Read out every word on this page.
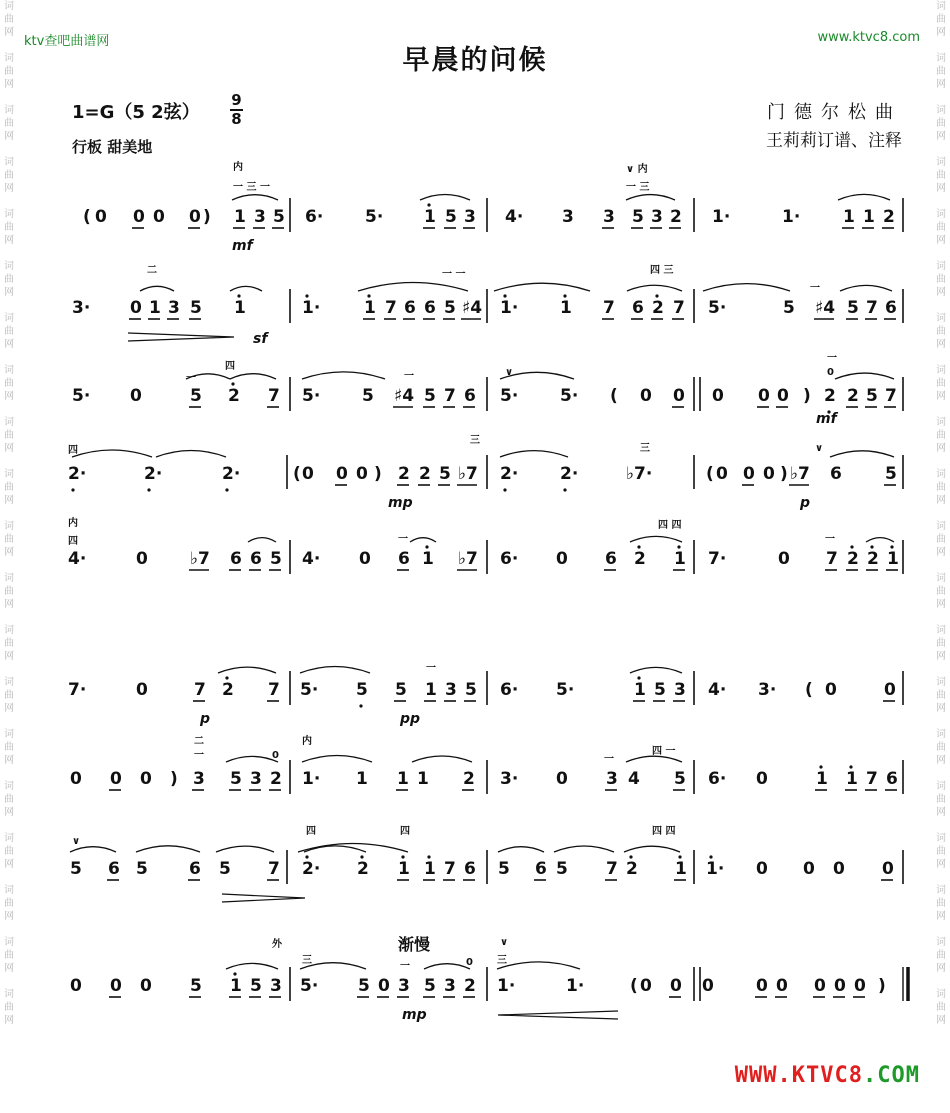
词
曲
网

词
曲
网

词
曲
网

词
曲
网

词
曲
网

词
曲
网

词
曲
网

词
曲
网

词
曲
网

词
曲
网

词
曲
网

词
曲
网

词
曲
网

词
曲
网

词
曲
网

词
曲
网

词
曲
网

词
曲
网

词
曲
网

词
曲
网

词
曲
网

词
曲
网

词
曲
网

词
曲
网

词
曲
网

词
曲
网

词
曲
网

词
曲
网

词
曲
网

词
曲
网

词
曲
网

词
曲
网

词
曲
网

词
曲
网

词
曲
网

词
曲
网

词
曲
网

词
曲
网

词
曲
网

词
曲
网

ktv查吧曲谱网	www.ktvc8.com
早晨的问候
1=G（5 2弦）
9
8
行板 甜美地
门德尔松曲
王莉莉订谱、注释
( 0 0 0 0 ) 1 3 5 6· 5· 1 5 3 4· 3 3 5 3 2 1·	1·	1 1 2
内
一 三 一
∨ 内
一 三
mf
3· 0 1 3 5 1	1·	1 7 6 6 5 ♯4 1· 1 7 6 2 7 5·	5 ♯4 5 7 6
二	一 一	四 三
一
sf
5· 0	5 2 7 5· 5 ♯4 5 7 6 5· 5· ( 0 0 0 0 0 ) 2 2 5 7
四
一	一	∨
一
0
mf
2·	2·	2·	( 0 0 0 ) 2 2 5 ♭7 2· 2·	♭7·	( 0 0 0 ) ♭7 6	5
四
三
三	∨
mp	p
4·	0 ♭7 6 6 5 4· 0 6 1 ♭7 6· 0 6 2 1 7·	0 7 2 2 1
内
四
四 四
一	一
7·	0	7 2 7 5· 5 5 1 3 5 6· 5·	1 5 3 4· 3· ( 0	0
p	pp
一
0 0 0 ) 3 5 3 2 1· 1 1 1 2 3· 0 3 4 5 6· 0	1 1 7 6
二
一	0
内
一
四 一
5 6 5 6 5 7 2· 2 1 1 7 6 5 6 5 7 2 1 1· 0 0 0 0
∨
四	四	四 四
0 0 0 5 1 5 3 5· 5 0 3 5 3 2 1·	1·	( 0 0 0 0 0 0 0 0 )
外
三	三
∨
一	0
mp
渐慢
WWW.KTVC8.COM
